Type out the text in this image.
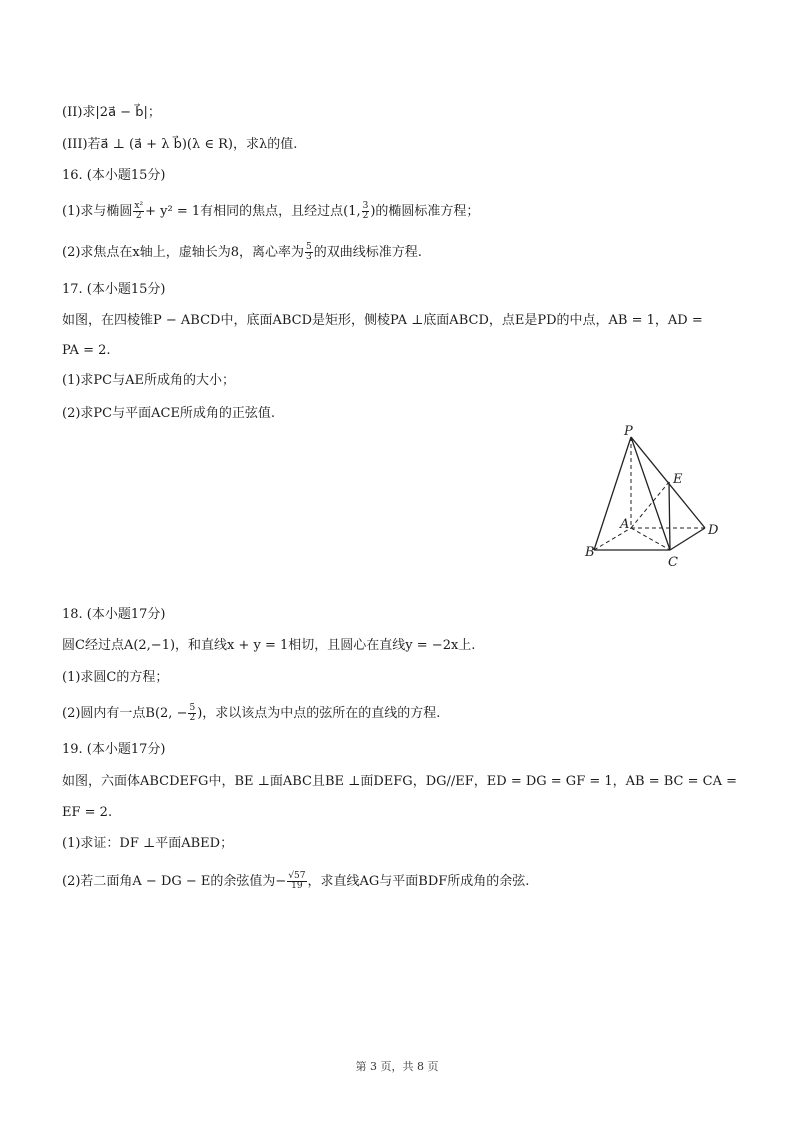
(II)求|2a⃗ − b⃗|；
(III)若a⃗ ⊥ (a⃗ + λ b⃗)(λ ∈ R)，求λ的值.
16. (本小题15分)
(1)求与椭圆 $\frac{\text{x²}}{2} + y^2 = 1$有相同的焦点，且经过点(1, $\frac{3}{2}$ )的椭圆标准方程；
(2)求焦点在x轴上，虚轴长为8，离心率为 $\frac{5}{3}$ 的双曲线标准方程.
17. (本小题15分)
如图，在四棱锥P − ABCD中，底面ABCD是矩形，侧棱PA ⊥底面ABCD，点E是PD的中点，AB = 1，AD =
PA = 2.
(1)求PC与AE所成角的大小；
(2)求PC与平面ACE所成角的正弦值.
P
E
A	D
B
C
18. (本小题17分)
圆C经过点A(2,−1)，和直线x + y = 1相切，且圆心在直线y = −2x上.
(1)求圆C的方程；
(2)圆内有一点B(2, − $\frac{5}{2}$ )，求以该点为中点的弦所在的直线的方程.
19. (本小题17分)
如图，六面体ABCDEFG中，BE ⊥面ABC且BE ⊥面DEFG，DG//EF，ED = DG = GF = 1，AB = BC = CA =
EF = 2.
(1)求证：DF ⊥平面ABED；
(2)若二面角A − DG − E的余弦值为− $\frac{√57}{19}$ ，求直线AG与平面BDF所成角的余弦.
第 3 页，共 8 页
